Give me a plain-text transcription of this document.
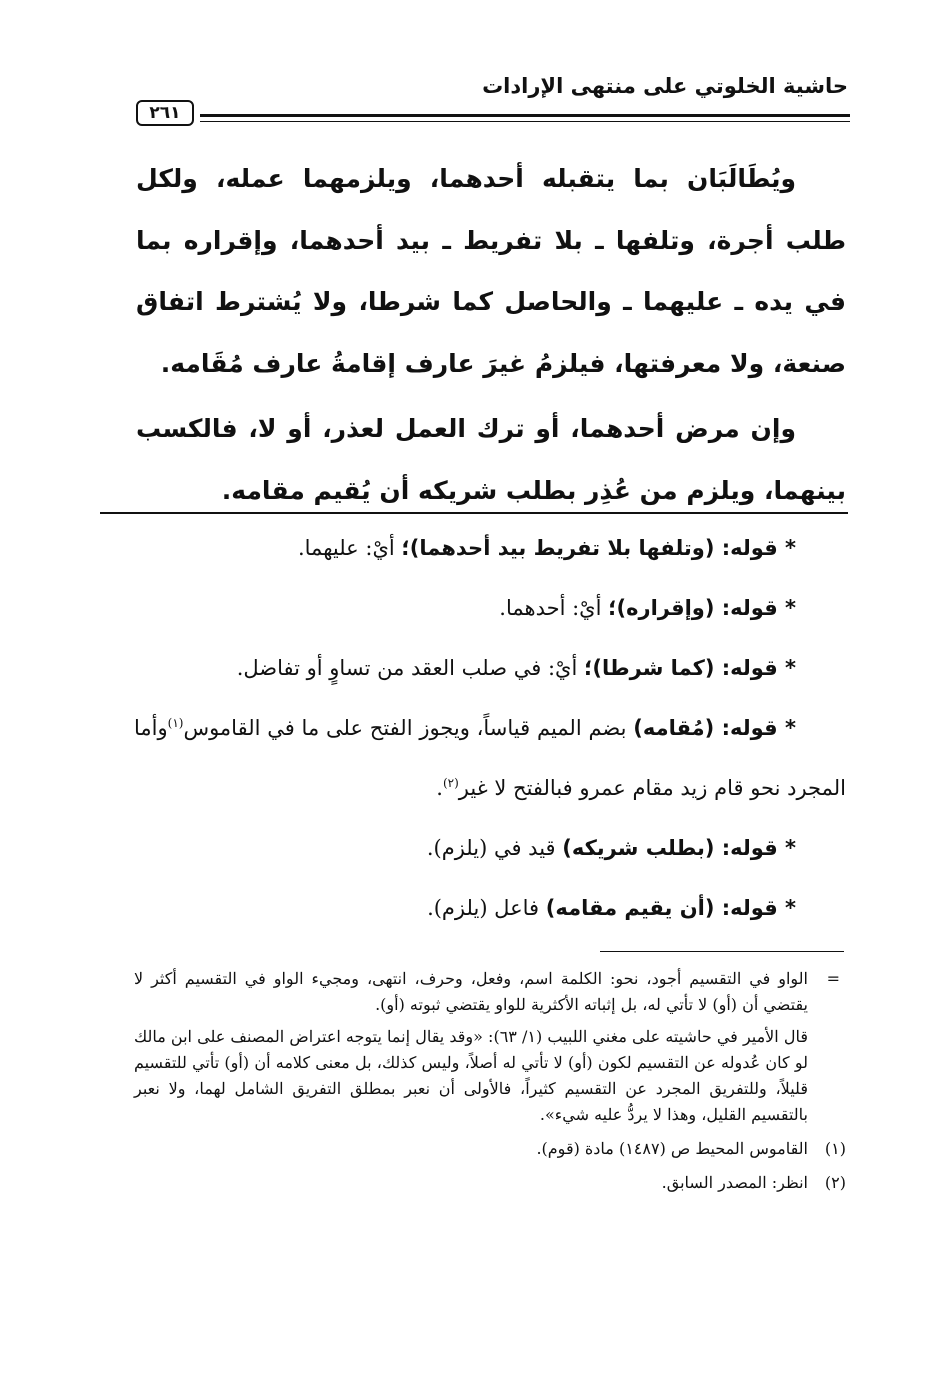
حاشية الخلوتي على منتهى الإرادات
٢٦١

ويُطَالَبَان بما يتقبله أحدهما، ويلزمهما عمله، ولكل طلب أجرة، وتلفها ـ بلا تفريط ـ بيد أحدهما، وإقراره بما في يده ـ عليهما ـ والحاصل كما شرطا، ولا يُشترط اتفاق صنعة، ولا معرفتها، فيلزمُ غيرَ عارف إقامةُ عارف مُقَامه.

وإن مرض أحدهما، أو ترك العمل لعذر، أو لا، فالكسب بينهما، ويلزم من عُذِر بطلب شريكه أن يُقيم مقامه.

* قوله: (وتلفها بلا تفريط بيد أحدهما)؛ أيْ: عليهما.

* قوله: (وإقراره)؛ أيْ: أحدهما.

* قوله: (كما شرطا)؛ أيْ: في صلب العقد من تساوٍ أو تفاضل.

* قوله: (مُقامه) بضم الميم قياساً، ويجوز الفتح على ما في القاموس$^{(١)}$وأما المجرد نحو قام زيد مقام عمرو فبالفتح لا غير$^{(٢)}$.

* قوله: (بطلب شريكه) قيد في (يلزم).

* قوله: (أن يقيم مقامه) فاعل (يلزم).

=
الواو في التقسيم أجود، نحو: الكلمة اسم، وفعل، وحرف، انتهى، ومجيء الواو في التقسيم أكثر لا يقتضي أن (أو) لا تأتي له، بل إثباته الأكثرية للواو يقتضي ثبوته (أو).

قال الأمير في حاشيته على مغني اللبيب (١/ ٦٣): «وقد يقال إنما يتوجه اعتراض المصنف على ابن مالك لو كان عُدوله عن التقسيم لكون (أو) لا تأتي له أصلاً، وليس كذلك، بل معنى كلامه أن (أو) تأتي للتقسيم قليلاً، وللتفريق المجرد عن التقسيم كثيراً، فالأولى أن نعبر بمطلق التفريق الشامل لهما، ولا نعبر بالتقسيم القليل، وهذا لا يردُّ عليه شيء».

(١)القاموس المحيط ص (١٤٨٧) مادة (قوم).

(٢)انظر: المصدر السابق.
